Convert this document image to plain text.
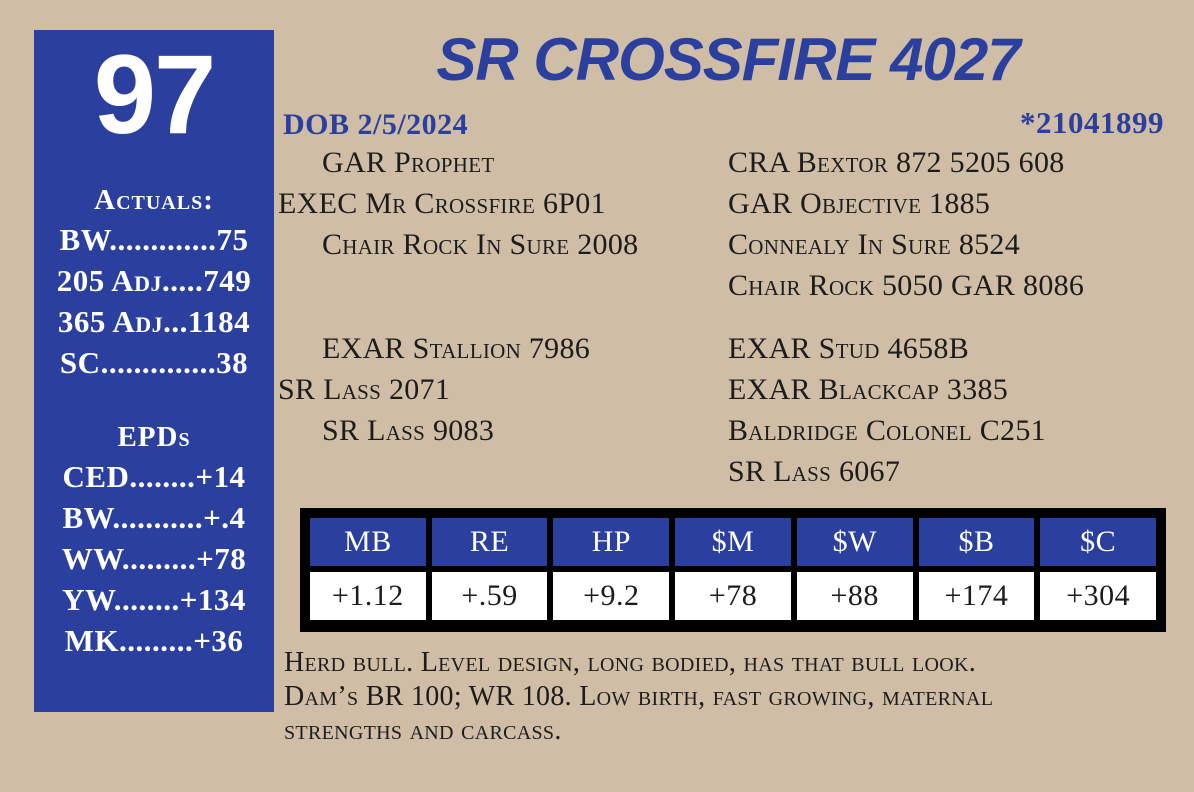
97
Actuals:
BW.............75
205 Adj.....749
365 Adj...1184
SC..............38
EPDs
CED........+14
BW...........+.4
WW.........+78
YW........+134
MK.........+36
SR CROSSFIRE 4027
DOB 2/5/2024	*21041899
GAR Prophet
EXEC Mr Crossfire 6P01
Chair Rock In Sure 2008
EXAR Stallion 7986
SR Lass 2071
SR Lass 9083
CRA Bextor 872 5205 608
GAR Objective 1885
Connealy In Sure 8524
Chair Rock 5050 GAR 8086
EXAR Stud 4658B
EXAR Blackcap 3385
Baldridge Colonel C251
SR Lass 6067
MB	RE	HP	$M	$W	$B	$C
+1.12	+.59	+9.2	+78	+88	+174	+304

Herd bull. Level design, long bodied, has that bull look.

Dam’s BR 100; WR 108. Low birth, fast growing, maternal

strengths and carcass.
